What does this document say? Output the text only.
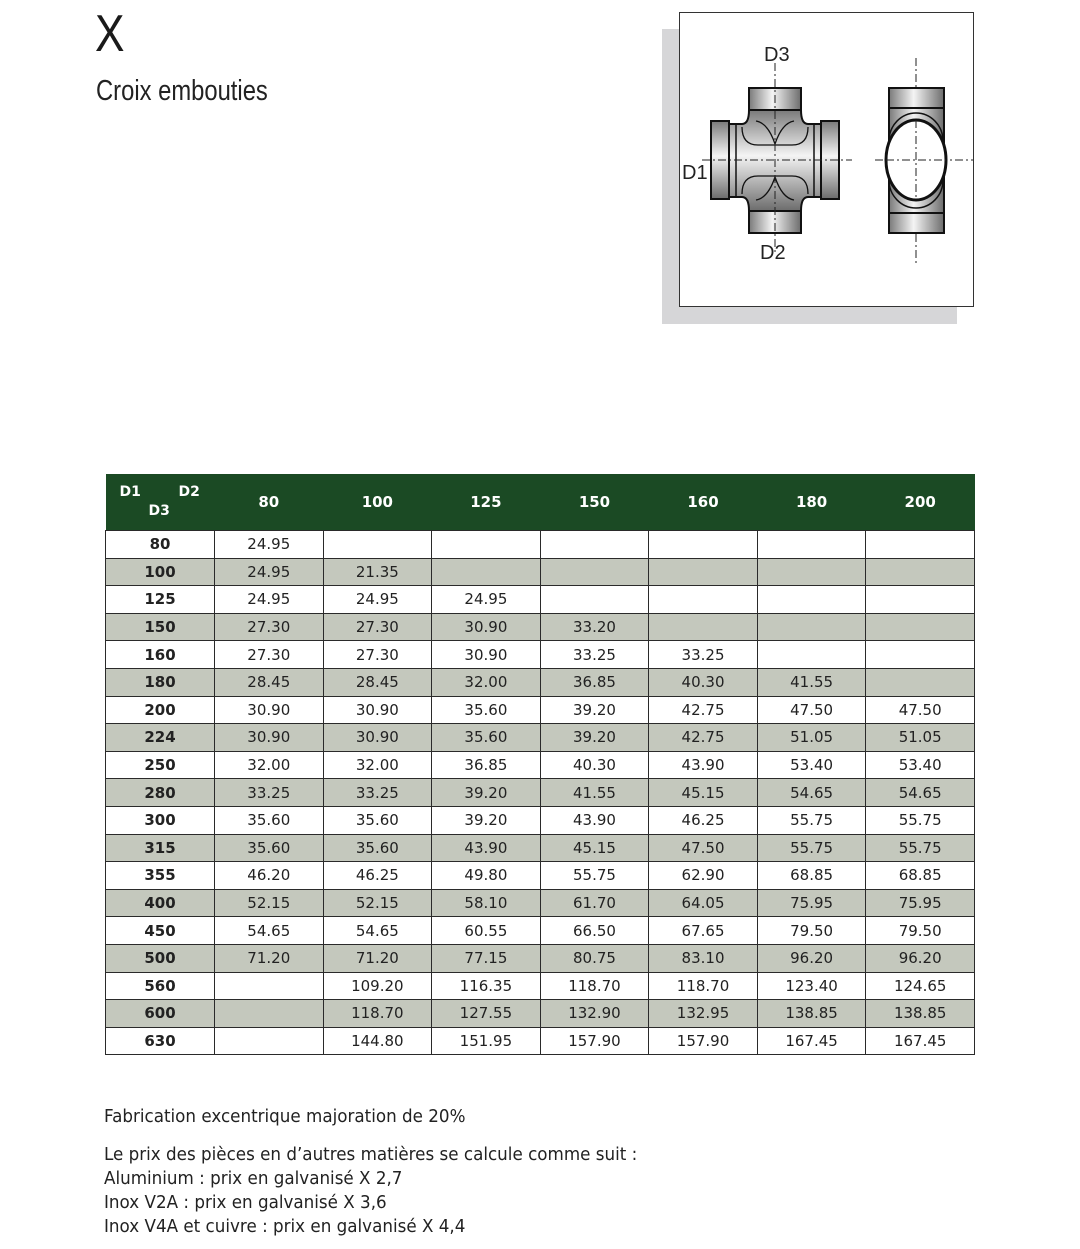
X
Croix embouties
D3
D1
D2
D1 D2
D3	80	100	125	150	160	180	200
80	24.95						
100	24.95	21.35					
125	24.95	24.95	24.95				
150	27.30	27.30	30.90	33.20			
160	27.30	27.30	30.90	33.25	33.25		
180	28.45	28.45	32.00	36.85	40.30	41.55	
200	30.90	30.90	35.60	39.20	42.75	47.50	47.50
224	30.90	30.90	35.60	39.20	42.75	51.05	51.05
250	32.00	32.00	36.85	40.30	43.90	53.40	53.40
280	33.25	33.25	39.20	41.55	45.15	54.65	54.65
300	35.60	35.60	39.20	43.90	46.25	55.75	55.75
315	35.60	35.60	43.90	45.15	47.50	55.75	55.75
355	46.20	46.25	49.80	55.75	62.90	68.85	68.85
400	52.15	52.15	58.10	61.70	64.05	75.95	75.95
450	54.65	54.65	60.55	66.50	67.65	79.50	79.50
500	71.20	71.20	77.15	80.75	83.10	96.20	96.20
560		109.20	116.35	118.70	118.70	123.40	124.65
600		118.70	127.55	132.90	132.95	138.85	138.85
630		144.80	151.95	157.90	157.90	167.45	167.45

Fabrication excentrique majoration de 20%

Le prix des pièces en d’autres matières se calcule comme suit :

Aluminium : prix en galvanisé X 2,7

Inox V2A : prix en galvanisé X 3,6

Inox V4A et cuivre : prix en galvanisé X 4,4
